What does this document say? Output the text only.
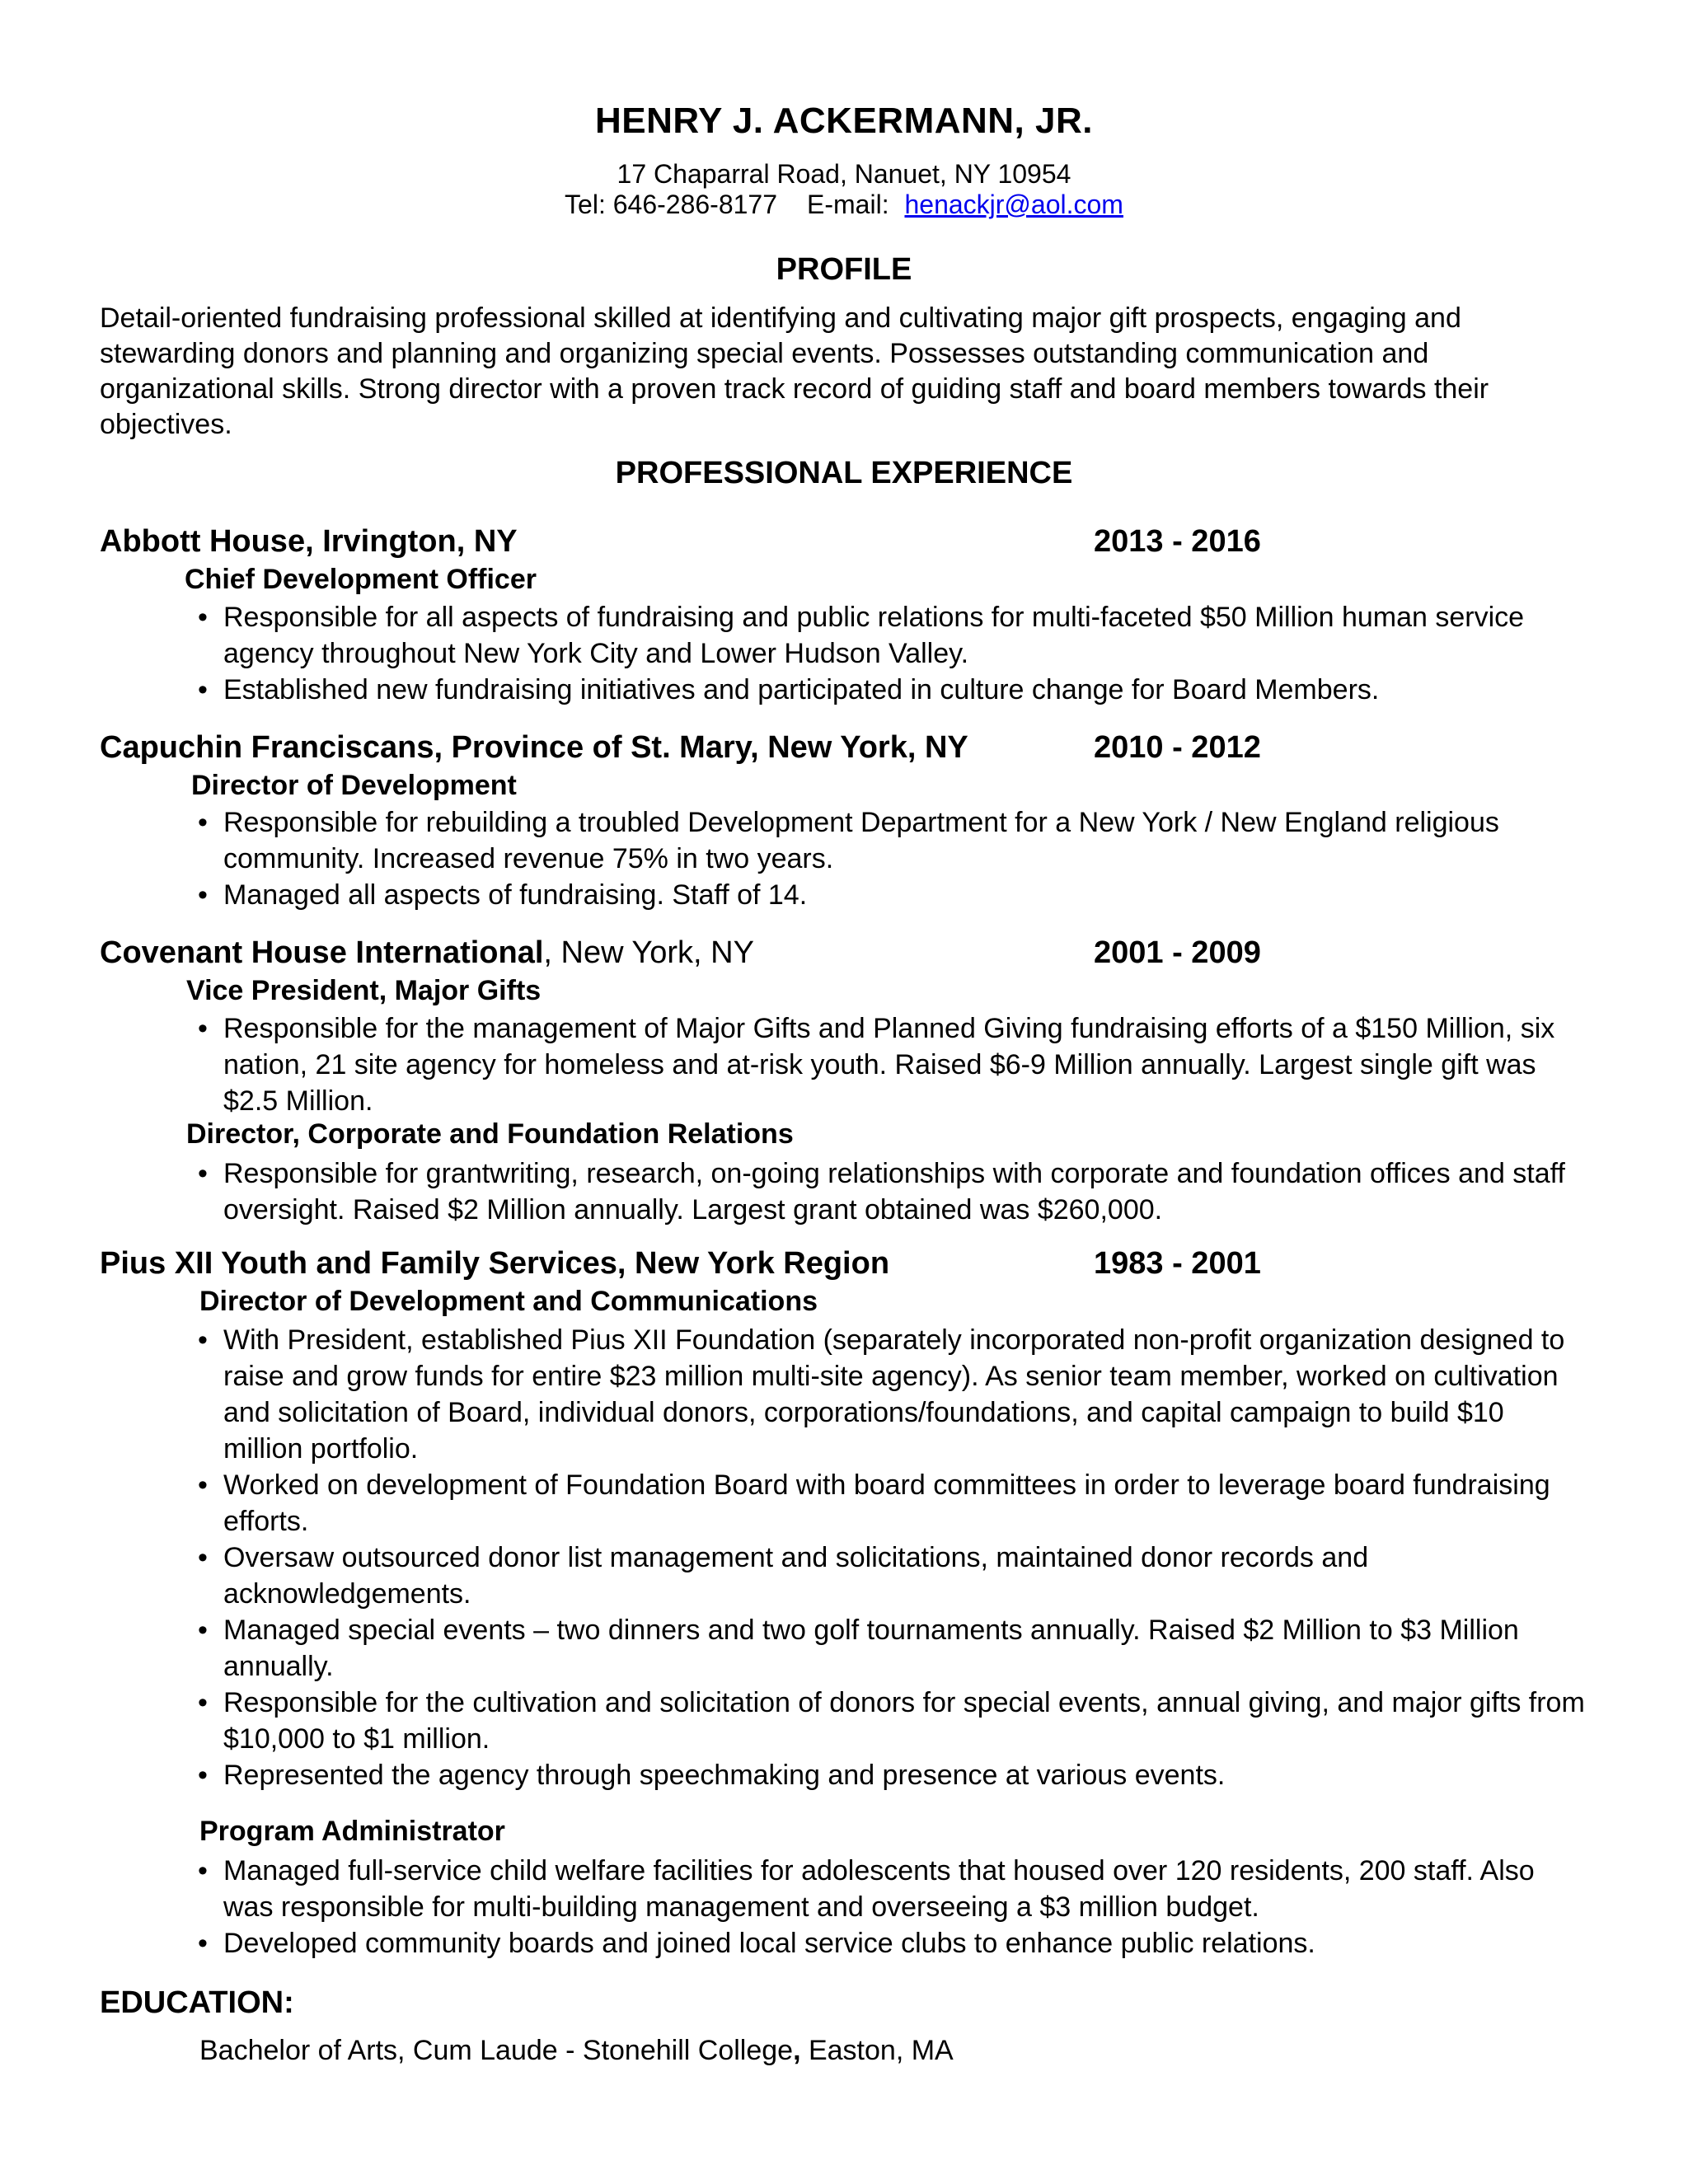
HENRY J. ACKERMANN, JR.
17 Chaparral Road, Nanuet, NY 10954
Tel: 646-286-8177 E-mail: henackjr@aol.com
PROFILE
Detail-oriented fundraising professional skilled at identifying and cultivating major gift prospects, engaging and stewarding donors and planning and organizing special events. Possesses outstanding communication and organizational skills. Strong director with a proven track record of guiding staff and board members towards their objectives.
PROFESSIONAL EXPERIENCE
Abbott House, Irvington, NY	2013 - 2016
Chief Development Officer
• Responsible for all aspects of fundraising and public relations for multi-faceted $50 Million human service agency throughout New York City and Lower Hudson Valley.
• Established new fundraising initiatives and participated in culture change for Board Members.
Capuchin Franciscans, Province of St. Mary, New York, NY	2010 - 2012
Director of Development
• Responsible for rebuilding a troubled Development Department for a New York / New England religious community. Increased revenue 75% in two years.
• Managed all aspects of fundraising. Staff of 14.
Covenant House International, New York, NY	2001 - 2009
Vice President, Major Gifts
• Responsible for the management of Major Gifts and Planned Giving fundraising efforts of a $150 Million, six nation, 21 site agency for homeless and at-risk youth. Raised $6-9 Million annually. Largest single gift was $2.5 Million.
Director, Corporate and Foundation Relations
• Responsible for grantwriting, research, on-going relationships with corporate and foundation offices and staff oversight. Raised $2 Million annually. Largest grant obtained was $260,000.
Pius XII Youth and Family Services, New York Region	1983 - 2001
Director of Development and Communications
• With President, established Pius XII Foundation (separately incorporated non-profit organization designed to raise and grow funds for entire $23 million multi-site agency). As senior team member, worked on cultivation and solicitation of Board, individual donors, corporations/foundations, and capital campaign to build $10 million portfolio.
• Worked on development of Foundation Board with board committees in order to leverage board fundraising efforts.
• Oversaw outsourced donor list management and solicitations, maintained donor records and acknowledgements.
• Managed special events – two dinners and two golf tournaments annually. Raised $2 Million to $3 Million annually.
• Responsible for the cultivation and solicitation of donors for special events, annual giving, and major gifts from $10,000 to $1 million.
• Represented the agency through speechmaking and presence at various events.
Program Administrator
• Managed full-service child welfare facilities for adolescents that housed over 120 residents, 200 staff. Also was responsible for multi-building management and overseeing a $3 million budget.
• Developed community boards and joined local service clubs to enhance public relations.
EDUCATION:
Bachelor of Arts, Cum Laude - Stonehill College, Easton, MA
